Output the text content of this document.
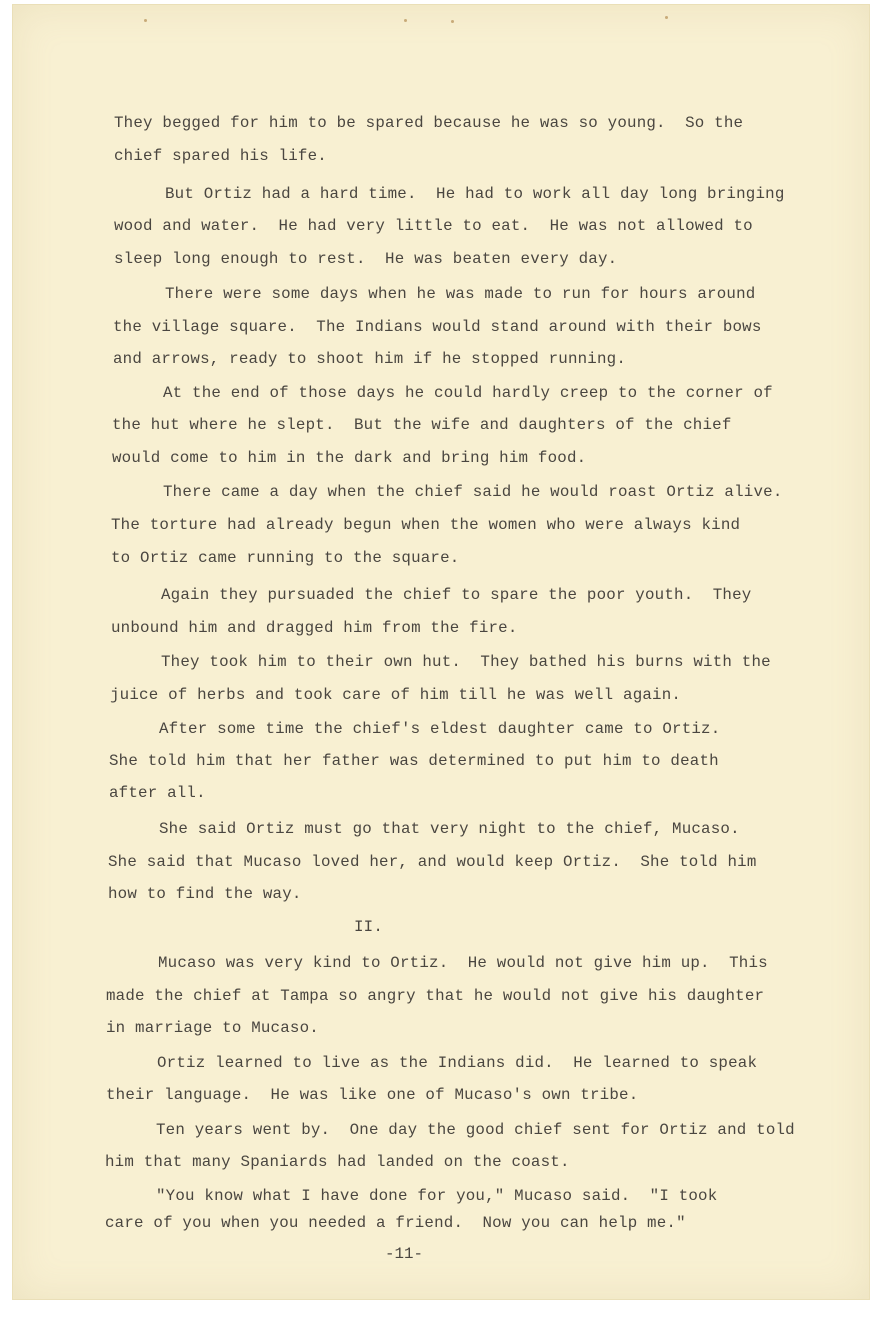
They begged for him to be spared because he was so young.  So the
chief spared his life.
But Ortiz had a hard time.  He had to work all day long bringing
wood and water.  He had very little to eat.  He was not allowed to
sleep long enough to rest.  He was beaten every day.
There were some days when he was made to run for hours around
the village square.  The Indians would stand around with their bows
and arrows, ready to shoot him if he stopped running.
At the end of those days he could hardly creep to the corner of
the hut where he slept.  But the wife and daughters of the chief
would come to him in the dark and bring him food.
There came a day when the chief said he would roast Ortiz alive.
The torture had already begun when the women who were always kind
to Ortiz came running to the square.
Again they pursuaded the chief to spare the poor youth.  They
unbound him and dragged him from the fire.
They took him to their own hut.  They bathed his burns with the
juice of herbs and took care of him till he was well again.
After some time the chief's eldest daughter came to Ortiz.
She told him that her father was determined to put him to death
after all.
She said Ortiz must go that very night to the chief, Mucaso.
She said that Mucaso loved her, and would keep Ortiz.  She told him
how to find the way.
II.
Mucaso was very kind to Ortiz.  He would not give him up.  This
made the chief at Tampa so angry that he would not give his daughter
in marriage to Mucaso.
Ortiz learned to live as the Indians did.  He learned to speak
their language.  He was like one of Mucaso's own tribe.
Ten years went by.  One day the good chief sent for Ortiz and told
him that many Spaniards had landed on the coast.
"You know what I have done for you," Mucaso said.  "I took
care of you when you needed a friend.  Now you can help me."
-11-
